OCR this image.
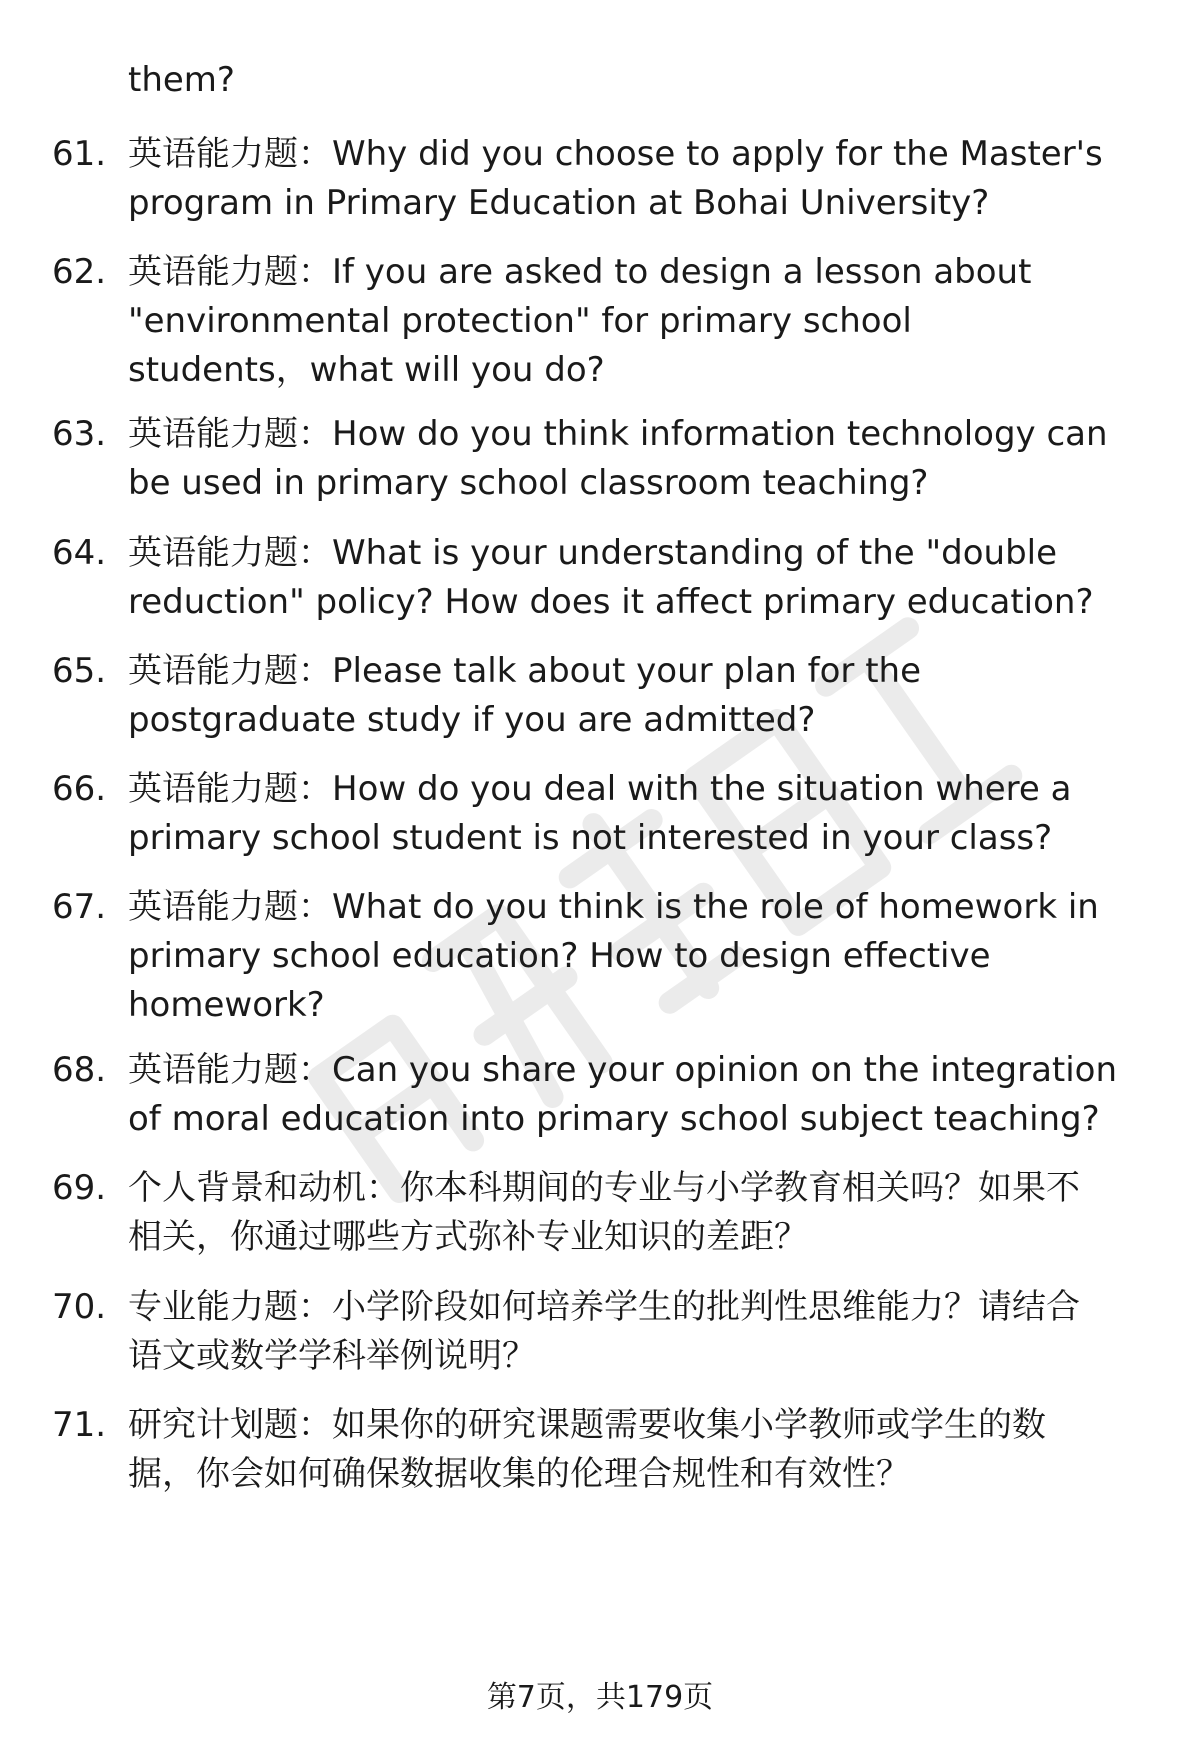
them?
61. 英语能力题：Why did you choose to apply for the Master's
program in Primary Education at Bohai University?
62. 英语能力题：If you are asked to design a lesson about
"environmental protection" for primary school
students，what will you do?
63. 英语能力题：How do you think information technology can
be used in primary school classroom teaching?
64. 英语能力题：What is your understanding of the "double
reduction" policy? How does it affect primary education?
65. 英语能力题：Please talk about your plan for the
postgraduate study if you are admitted?
66. 英语能力题：How do you deal with the situation where a
primary school student is not interested in your class?
67. 英语能力题：What do you think is the role of homework in
primary school education? How to design effective
homework?
68. 英语能力题：Can you share your opinion on the integration
of moral education into primary school subject teaching?
69. 个人背景和动机：你本科期间的专业与小学教育相关吗？如果不
相关，你通过哪些方式弥补专业知识的差距？
70. 专业能力题：小学阶段如何培养学生的批判性思维能力？请结合
语文或数学学科举例说明？
71. 研究计划题：如果你的研究课题需要收集小学教师或学生的数
据，你会如何确保数据收集的伦理合规性和有效性？
第7页，共179页
